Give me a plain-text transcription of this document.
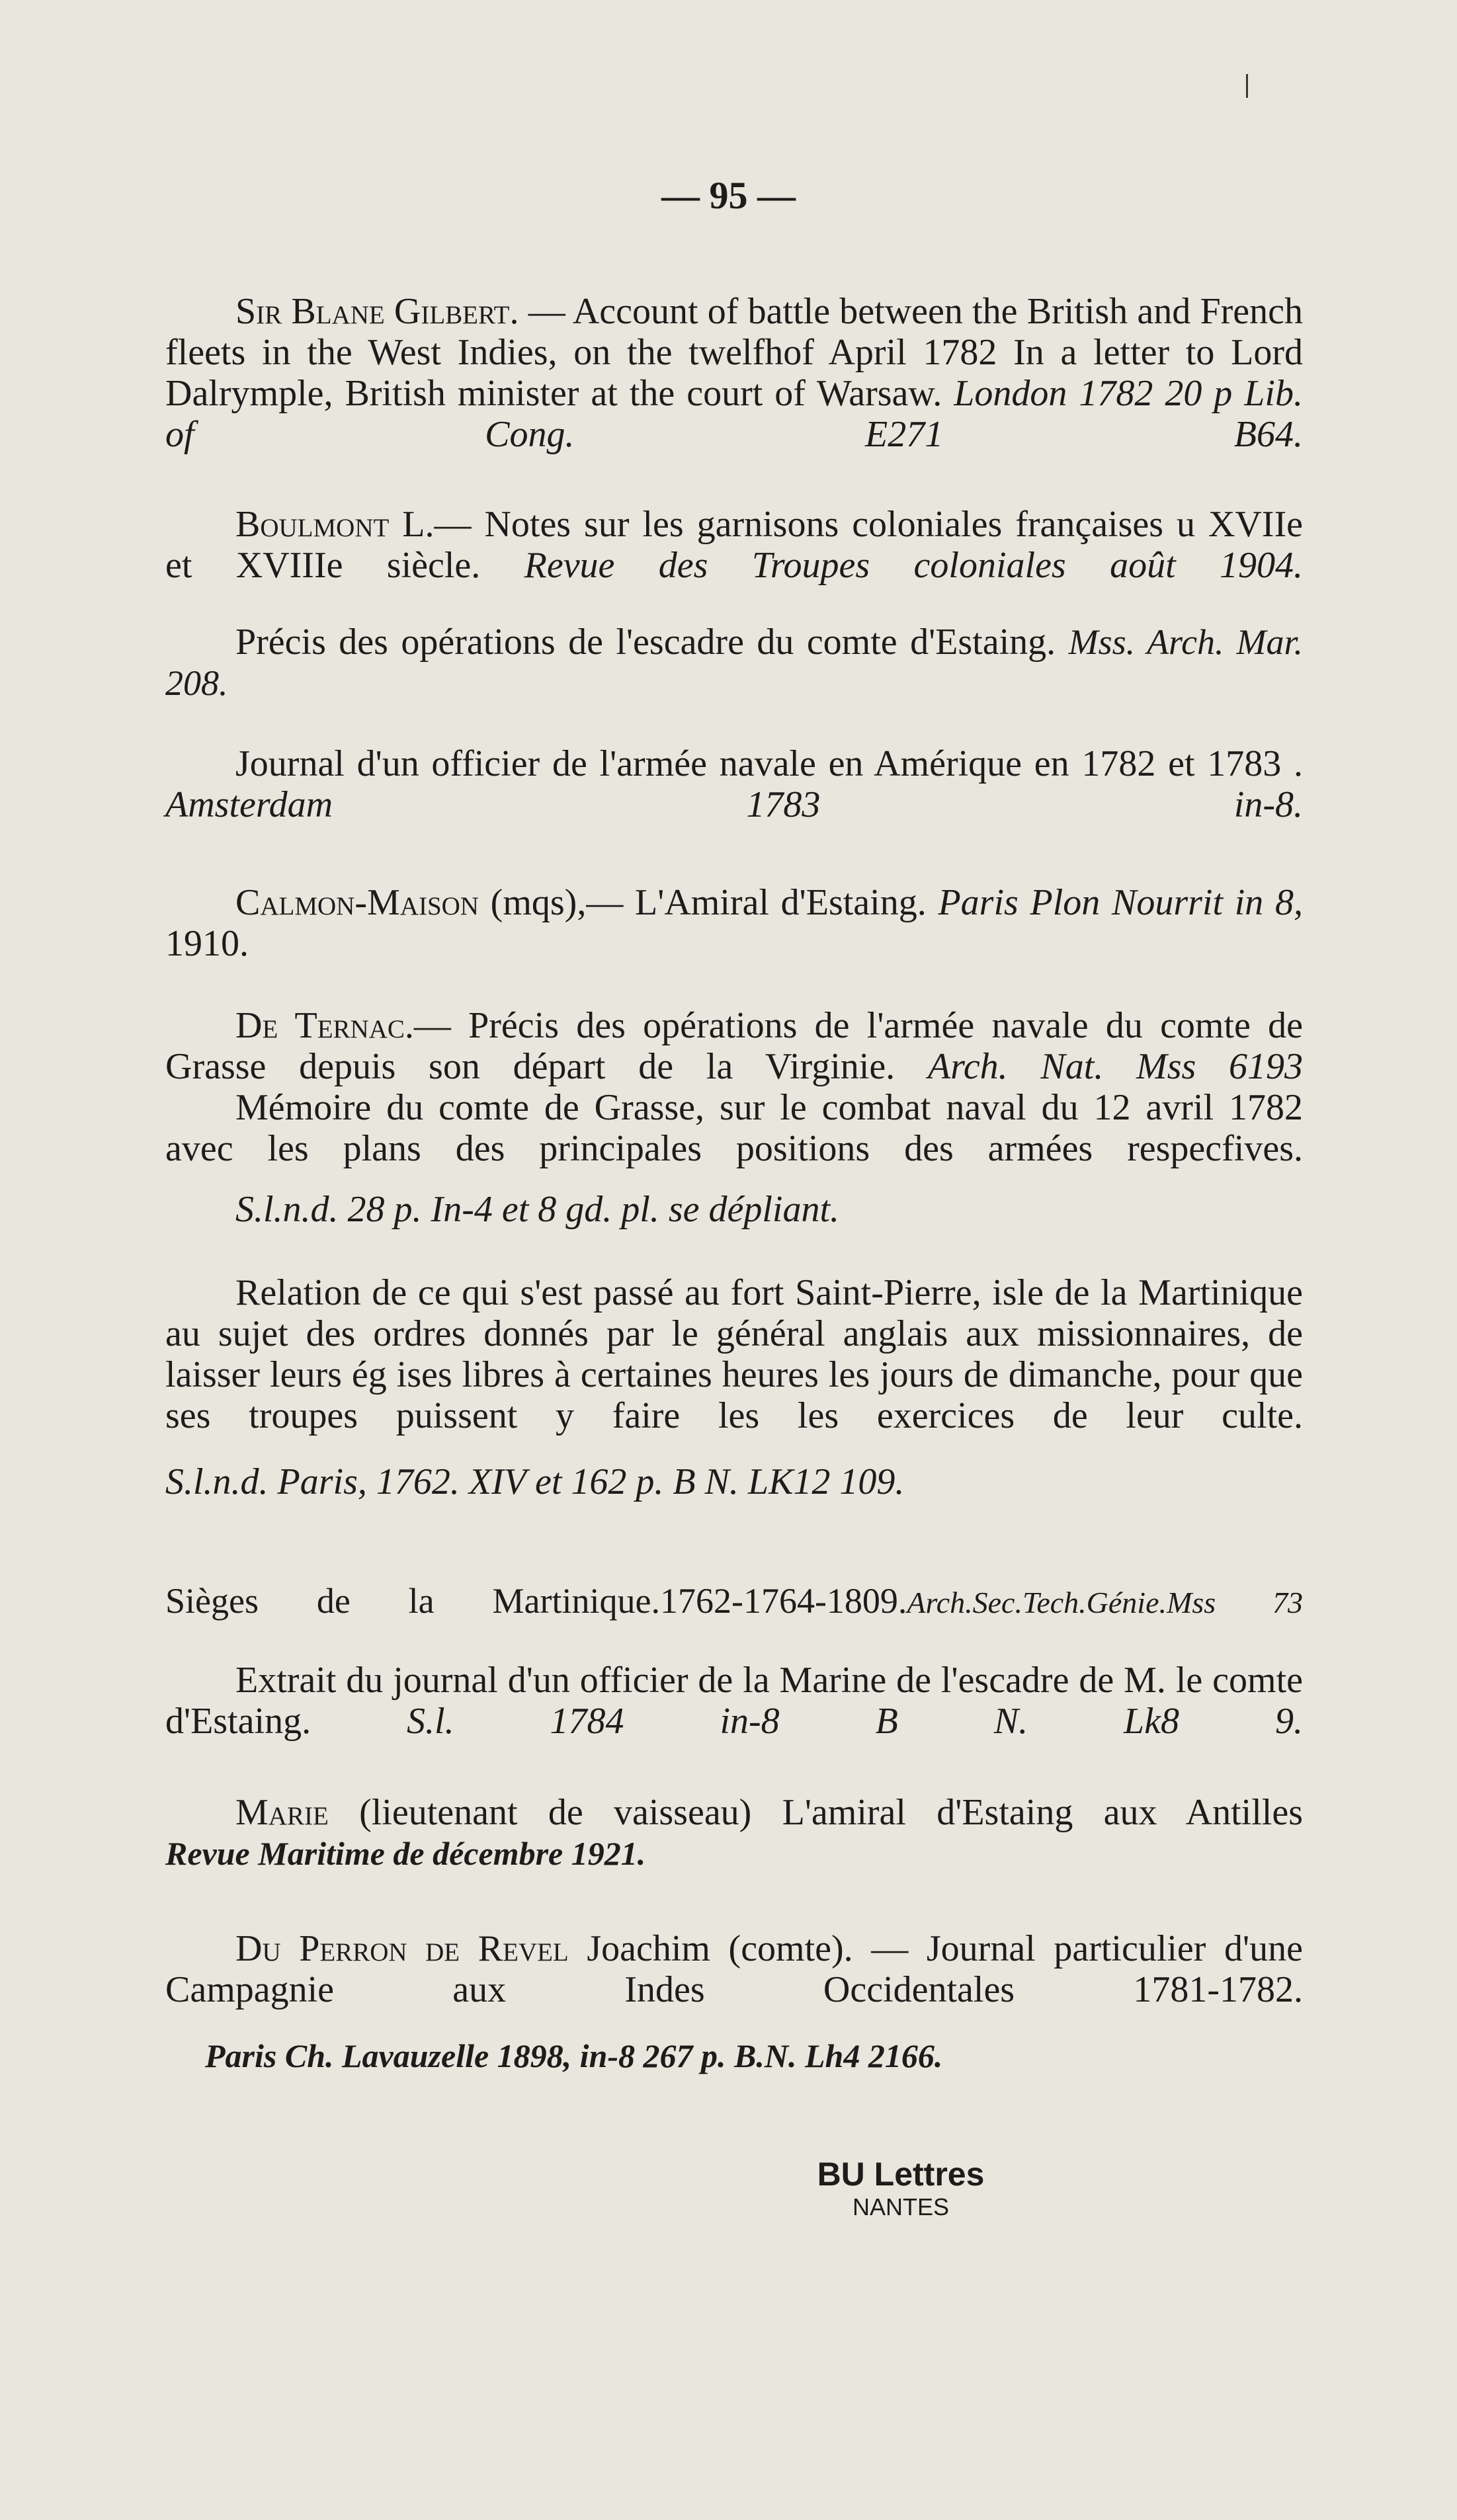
— 95 —
Sir Blane Gilbert. — Account of battle between the British and French fleets in the West Indies, on the twelfhof April 1782 In a letter to Lord Dalrymple, British minister at the court of Warsaw. London 1782 20 p Lib. of Cong. E271 B64.
Boulmont L.— Notes sur les garnisons coloniales françaises u XVIIe et XVIIIe siècle. Revue des Troupes coloniales août 1904.
Précis des opérations de l'escadre du comte d'Estaing. Mss. Arch. Mar. 208.
Journal d'un officier de l'armée navale en Amérique en 1782 et 1783 . Amsterdam 1783 in-8.
Calmon-Maison (mqs),— L'Amiral d'Estaing. Paris Plon Nourrit in 8, 1910.
De Ternac.— Précis des opérations de l'armée navale du comte de Grasse depuis son départ de la Virginie. Arch. Nat. Mss 6193

Mémoire du comte de Grasse, sur le combat naval du 12 avril 1782 avec les plans des principales positions des armées respecfives.

S.l.n.d. 28 p. In-4 et 8 gd. pl. se dépliant.

Relation de ce qui s'est passé au fort Saint-Pierre, isle de la Martinique au sujet des ordres donnés par le général anglais aux missionnaires, de laisser leurs ég ises libres à certaines heures les jours de dimanche, pour que ses troupes puissent y faire les les exercices de leur culte.

S.l.n.d. Paris, 1762. XIV et 162 p. B N. LK12 109.

Sièges de la Martinique.1762-1764-1809.Arch.Sec.Tech.Génie.Mss 73
Extrait du journal d'un officier de la Marine de l'escadre de M. le comte d'Estaing. S.l. 1784 in-8 B N. Lk8 9.

Marie (lieutenant de vaisseau) L'amiral d'Estaing aux Antilles

Revue Maritime de décembre 1921.

Du Perron de Revel Joachim (comte). — Journal particulier d'une Campagnie aux Indes Occidentales 1781-1782.

Paris Ch. Lavauzelle 1898, in-8 267 p. B.N. Lh4 2166.

BU Lettres
NANTES
